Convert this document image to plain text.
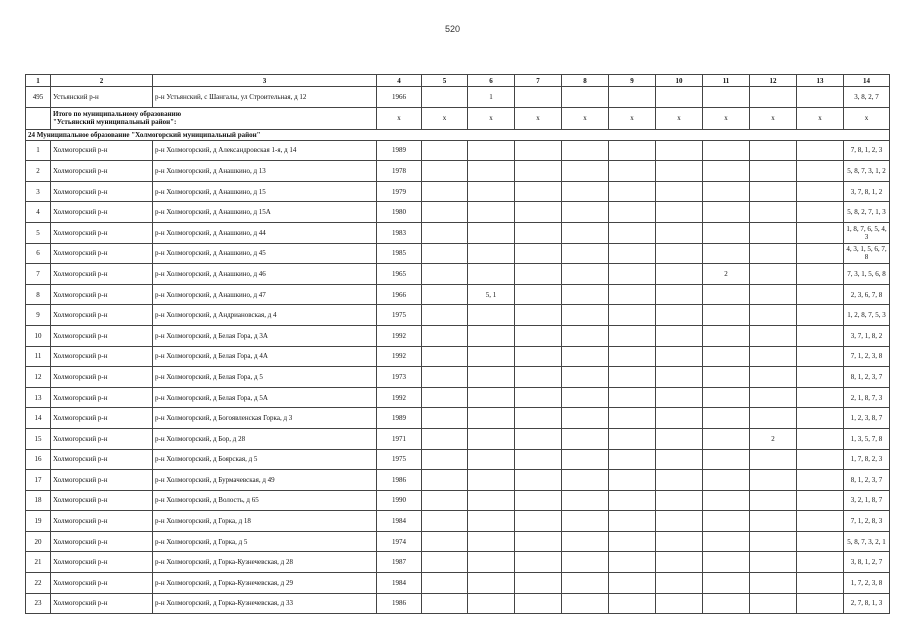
520
1	2	3	4	5	6	7	8	9	10	11	12	13	14
495	Устьянский р-н	р-н Устьянский, с Шангалы, ул Строительная, д 12	1966		1								3, 8, 2, 7

	Итого по муниципальному образованию
"Устьянский муниципальный район":		x	x	x	x	x	x	x	x	x	x	x
24 Муниципальное образование "Холмогорский муниципальный район"													
1	Холмогорский р-н	р-н Холмогорский, д Александровская 1-я, д 14	1989										7, 8, 1, 2, 3
2	Холмогорский р-н	р-н Холмогорский, д Анашкино, д 13	1978										5, 8, 7, 3, 1, 2
3	Холмогорский р-н	р-н Холмогорский, д Анашкино, д 15	1979										3, 7, 8, 1, 2
4	Холмогорский р-н	р-н Холмогорский, д Анашкино, д 15А	1980										5, 8, 2, 7, 1, 3
5	Холмогорский р-н	р-н Холмогорский, д Анашкино, д 44	1983										1, 8, 7, 6, 5, 4, 3
6	Холмогорский р-н	р-н Холмогорский, д Анашкино, д 45	1985										4, 3, 1, 5, 6, 7, 8
7	Холмогорский р-н	р-н Холмогорский, д Анашкино, д 46	1965							2			7, 3, 1, 5, 6, 8
8	Холмогорский р-н	р-н Холмогорский, д Анашкино, д 47	1966		5, 1								2, 3, 6, 7, 8
9	Холмогорский р-н	р-н Холмогорский, д Андриановская, д 4	1975										1, 2, 8, 7, 5, 3
10	Холмогорский р-н	р-н Холмогорский, д Белая Гора, д 3А	1992										3, 7, 1, 8, 2
11	Холмогорский р-н	р-н Холмогорский, д Белая Гора, д 4А	1992										7, 1, 2, 3, 8
12	Холмогорский р-н	р-н Холмогорский, д Белая Гора, д 5	1973										8, 1, 2, 3, 7
13	Холмогорский р-н	р-н Холмогорский, д Белая Гора, д 5А	1992										2, 1, 8, 7, 3
14	Холмогорский р-н	р-н Холмогорский, д Богоявленская Горка, д 3	1989										1, 2, 3, 8, 7
15	Холмогорский р-н	р-н Холмогорский, д Бор, д 28	1971								2		1, 3, 5, 7, 8
16	Холмогорский р-н	р-н Холмогорский, д Боярская, д 5	1975										1, 7, 8, 2, 3
17	Холмогорский р-н	р-н Холмогорский, д Бурмачевская, д 49	1986										8, 1, 2, 3, 7
18	Холмогорский р-н	р-н Холмогорский, д Волость, д 65	1990										3, 2, 1, 8, 7
19	Холмогорский р-н	р-н Холмогорский, д Горка, д 18	1984										7, 1, 2, 8, 3
20	Холмогорский р-н	р-н Холмогорский, д Горка, д 5	1974										5, 8, 7, 3, 2, 1
21	Холмогорский р-н	р-н Холмогорский, д Горка-Кузнечевская, д 28	1987										3, 8, 1, 2, 7
22	Холмогорский р-н	р-н Холмогорский, д Горка-Кузнечевская, д 29	1984										1, 7, 2, 3, 8
23	Холмогорский р-н	р-н Холмогорский, д Горка-Кузнечевская, д 33	1986										2, 7, 8, 1, 3
